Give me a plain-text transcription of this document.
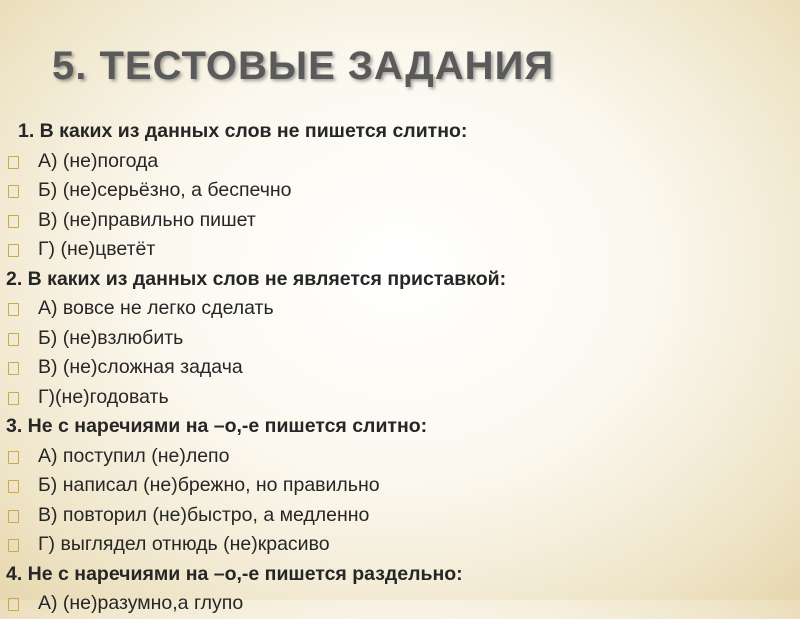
5. ТЕСТОВЫЕ ЗАДАНИЯ
1. В каких из данных слов не пишется слитно:
А) (не)погода
Б) (не)серьёзно, а беспечно
В) (не)правильно пишет
Г) (не)цветёт
2. В каких из данных слов не является приставкой:
А) вовсе не легко сделать
Б) (не)взлюбить
В) (не)сложная задача
Г)(не)годовать
3. Не с наречиями на –о,-е пишется слитно:
А) поступил (не)лепо
Б) написал (не)брежно, но правильно
В) повторил (не)быстро, а медленно
Г) выглядел отнюдь (не)красиво
4. Не с наречиями на –о,-е пишется раздельно:
А) (не)разумно,а глупо
